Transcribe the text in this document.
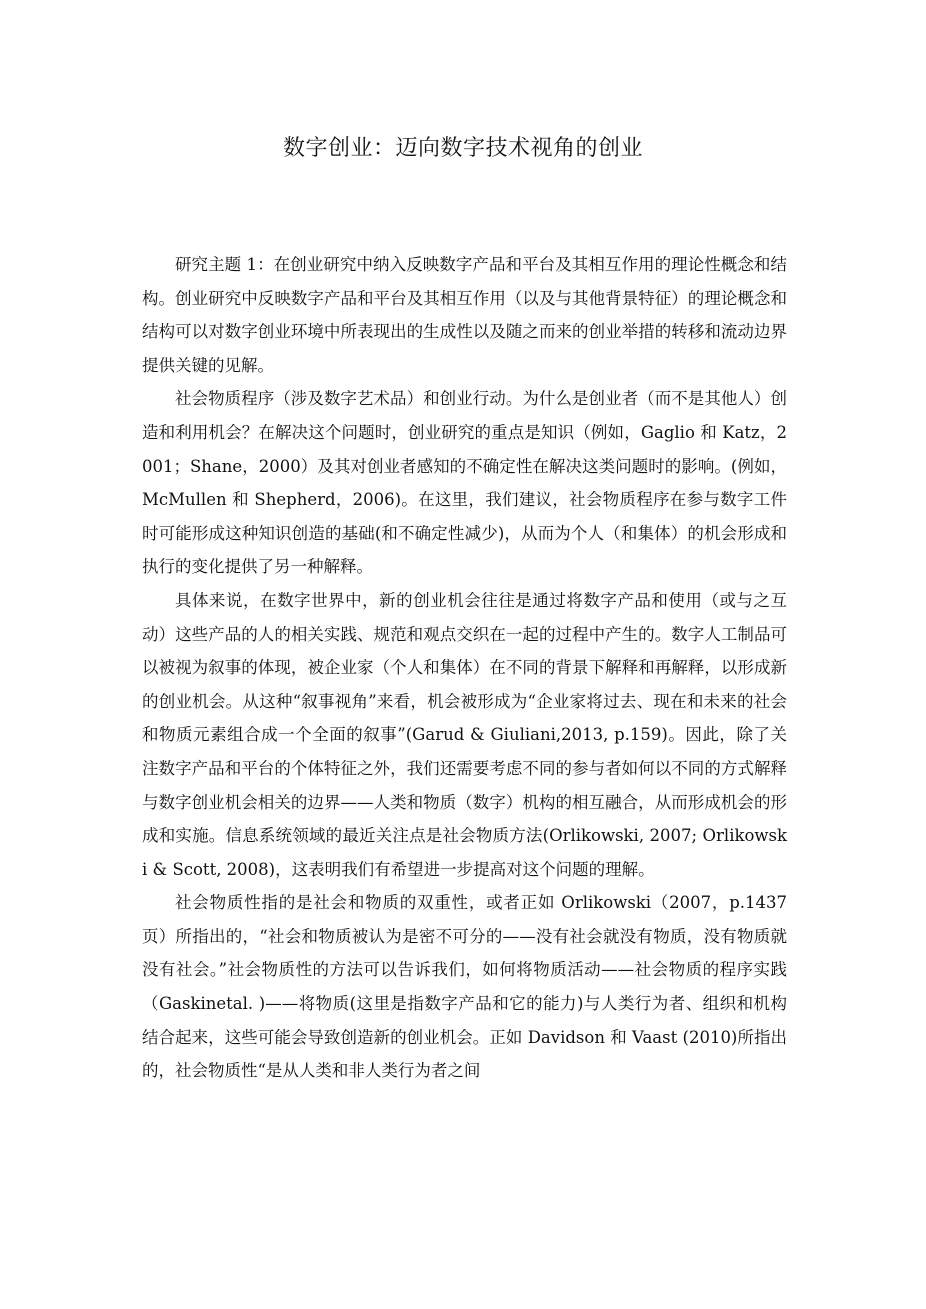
数字创业：迈向数字技术视角的创业

研究主题 1：在创业研究中纳入反映数字产品和平台及其相互作用的理论性概念和结构。创业研究中反映数字产品和平台及其相互作用（以及与其他背景特征）的理论概念和结构可以对数字创业环境中所表现出的生成性以及随之而来的创业举措的转移和流动边界提供关键的见解。

社会物质程序（涉及数字艺术品）和创业行动。为什么是创业者（而不是其他人）创造和利用机会？在解决这个问题时，创业研究的重点是知识（例如，Gaglio 和 Katz，2001；Shane，2000）及其对创业者感知的不确定性在解决这类问题时的影响。(例如，McMullen 和 Shepherd，2006)。在这里，我们建议，社会物质程序在参与数字工件时可能形成这种知识创造的基础(和不确定性减少)，从而为个人（和集体）的机会形成和执行的变化提供了另一种解释。

具体来说，在数字世界中，新的创业机会往往是通过将数字产品和使用（或与之互动）这些产品的人的相关实践、规范和观点交织在一起的过程中产生的。数字人工制品可以被视为叙事的体现，被企业家（个人和集体）在不同的背景下解释和再解释，以形成新的创业机会。从这种“叙事视角”来看，机会被形成为“企业家将过去、现在和未来的社会和物质元素组合成一个全面的叙事”(Garud & Giuliani,2013, p.159)。因此，除了关注数字产品和平台的个体特征之外，我们还需要考虑不同的参与者如何以不同的方式解释与数字创业机会相关的边界——人类和物质（数字）机构的相互融合，从而形成机会的形成和实施。信息系统领域的最近关注点是社会物质方法(Orlikowski, 2007; Orlikowski & Scott, 2008)，这表明我们有希望进一步提高对这个问题的理解。

社会物质性指的是社会和物质的双重性，或者正如 Orlikowski（2007，p.1437 页）所指出的，“社会和物质被认为是密不可分的——没有社会就没有物质，没有物质就没有社会。”社会物质性的方法可以告诉我们，如何将物质活动——社会物质的程序实践（Gaskinetal. )——将物质(这里是指数字产品和它的能力)与人类行为者、组织和机构结合起来，这些可能会导致创造新的创业机会。正如 Davidson 和 Vaast (2010)所指出的，社会物质性“是从人类和非人类行为者之间
